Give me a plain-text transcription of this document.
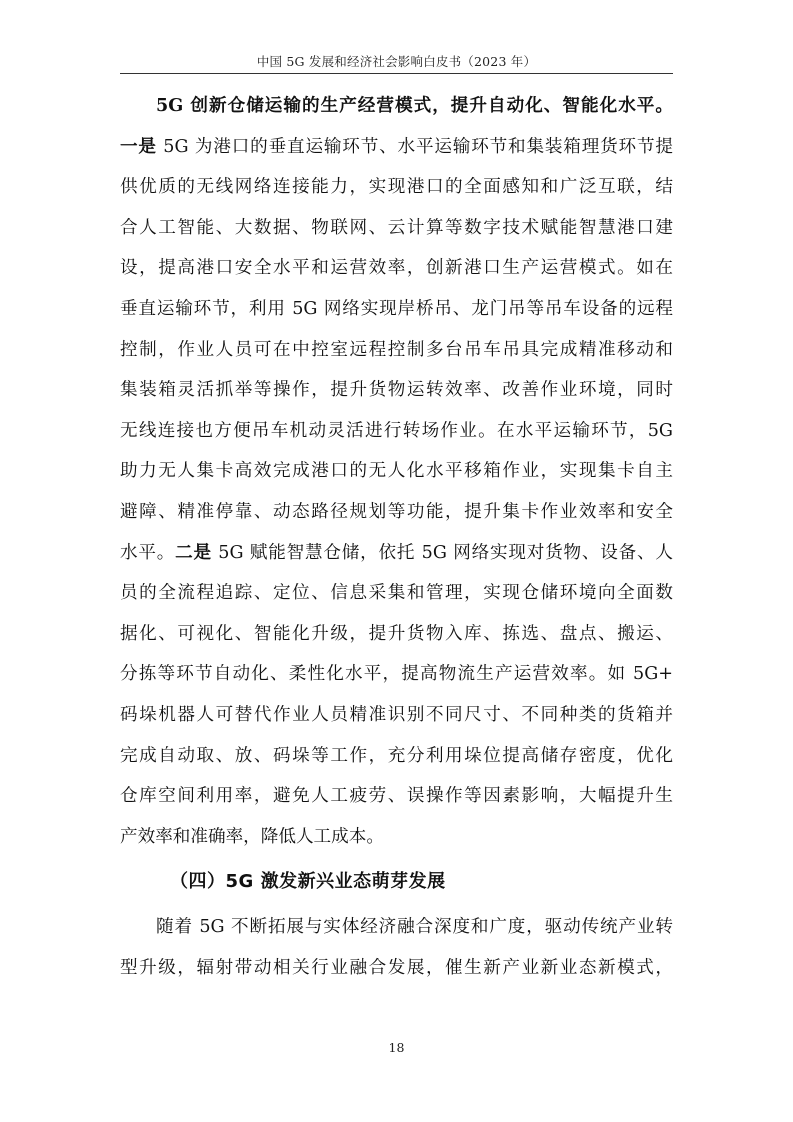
中国 5G 发展和经济社会影响白皮书（2023 年）
5G 创新仓储运输的生产经营模式，提升自动化、智能化水平。
一是 5G 为港口的垂直运输环节、水平运输环节和集装箱理货环节提
供优质的无线网络连接能力，实现港口的全面感知和广泛互联，结
合人工智能、大数据、物联网、云计算等数字技术赋能智慧港口建
设，提高港口安全水平和运营效率，创新港口生产运营模式。如在
垂直运输环节，利用 5G 网络实现岸桥吊、龙门吊等吊车设备的远程
控制，作业人员可在中控室远程控制多台吊车吊具完成精准移动和
集装箱灵活抓举等操作，提升货物运转效率、改善作业环境，同时
无线连接也方便吊车机动灵活进行转场作业。在水平运输环节，5G
助力无人集卡高效完成港口的无人化水平移箱作业，实现集卡自主
避障、精准停靠、动态路径规划等功能，提升集卡作业效率和安全
水平。二是 5G 赋能智慧仓储，依托 5G 网络实现对货物、设备、人
员的全流程追踪、定位、信息采集和管理，实现仓储环境向全面数
据化、可视化、智能化升级，提升货物入库、拣选、盘点、搬运、
分拣等环节自动化、柔性化水平，提高物流生产运营效率。如 5G+
码垛机器人可替代作业人员精准识别不同尺寸、不同种类的货箱并
完成自动取、放、码垛等工作，充分利用垛位提高储存密度，优化
仓库空间利用率，避免人工疲劳、误操作等因素影响，大幅提升生
产效率和准确率，降低人工成本。
（四）5G 激发新兴业态萌芽发展
随着 5G 不断拓展与实体经济融合深度和广度，驱动传统产业转
型升级，辐射带动相关行业融合发展，催生新产业新业态新模式，
18
